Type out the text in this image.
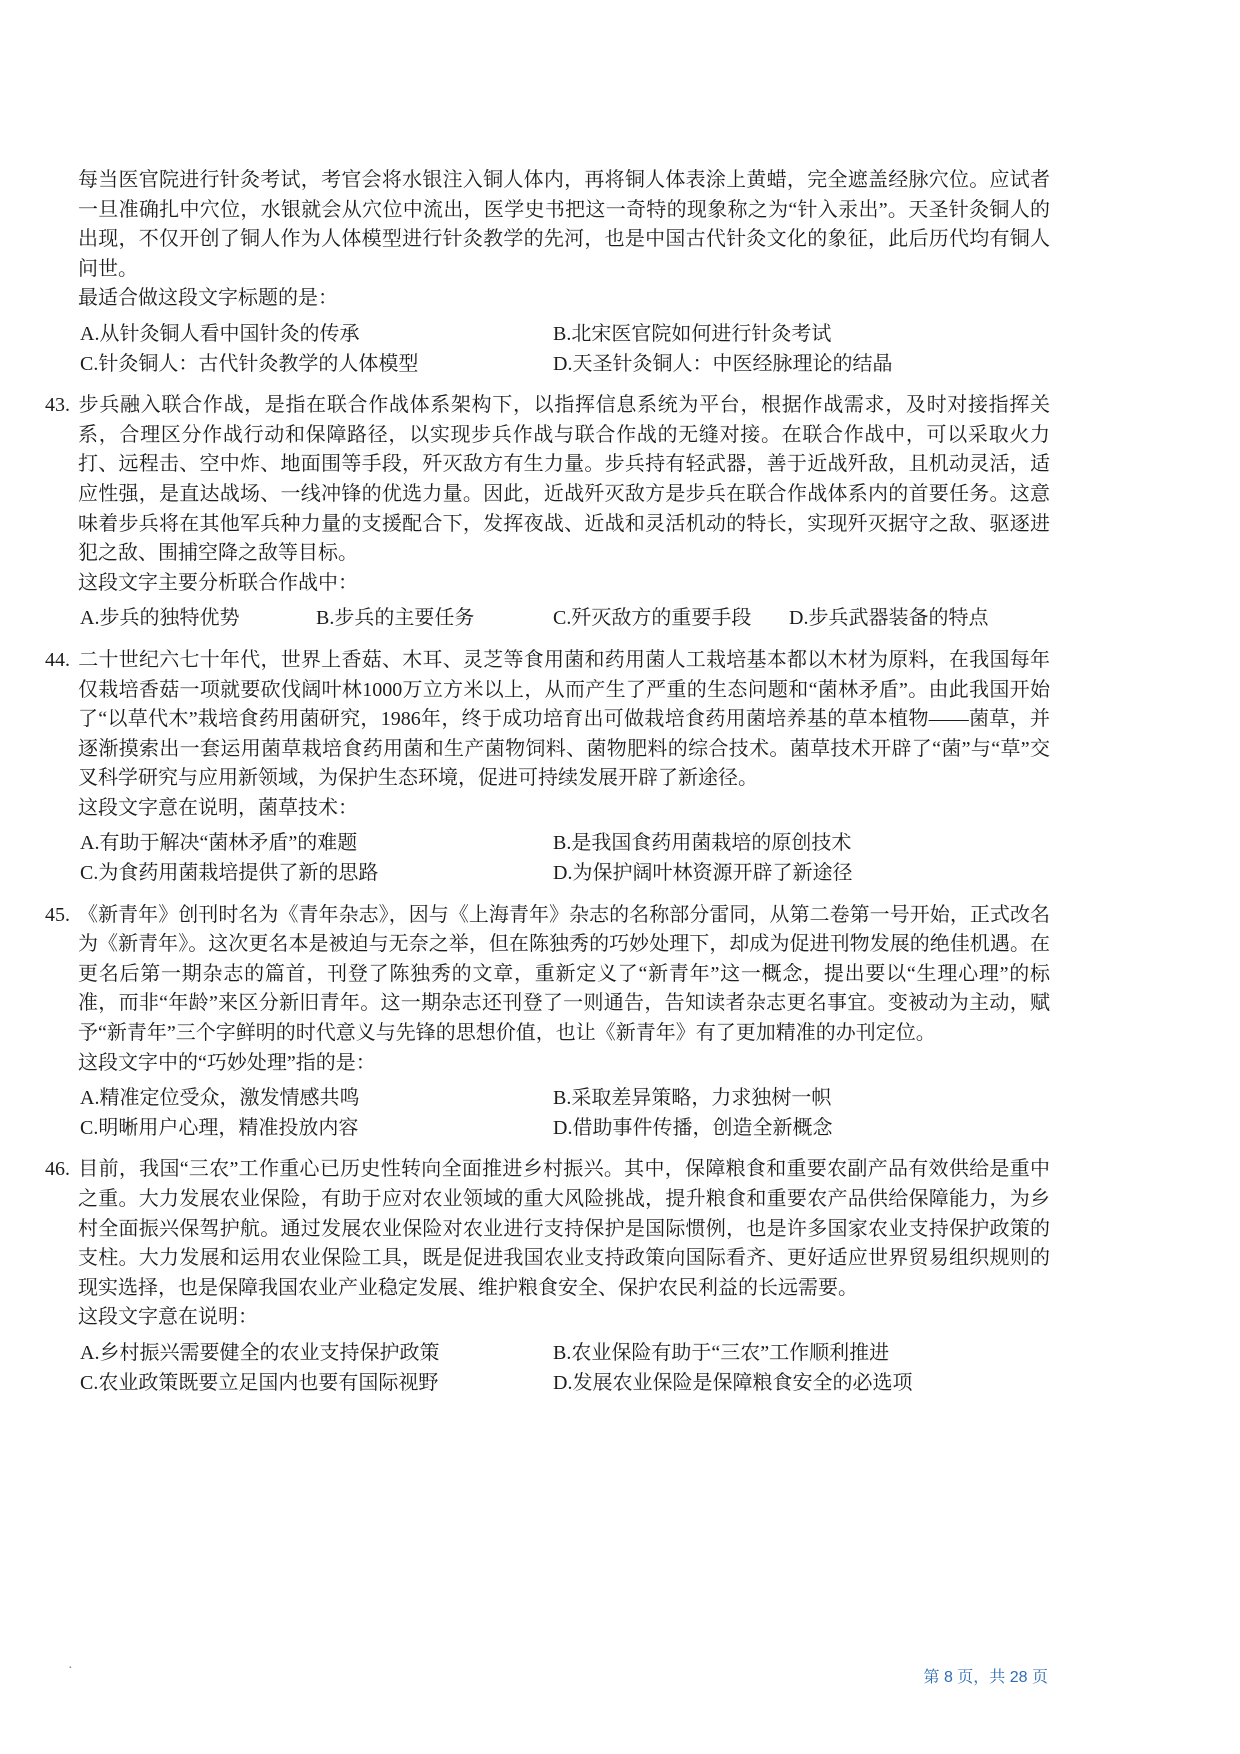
每当医官院进行针灸考试，考官会将水银注入铜人体内，再将铜人体表涂上黄蜡，完全遮盖经脉穴位。应试者一旦准确扎中穴位，水银就会从穴位中流出，医学史书把这一奇特的现象称之为“针入汞出”。天圣针灸铜人的出现，不仅开创了铜人作为人体模型进行针灸教学的先河，也是中国古代针灸文化的象征，此后历代均有铜人问世。

最适合做这段文字标题的是：

A.从针灸铜人看中国针灸的传承	B.北宋医官院如何进行针灸考试
C.针灸铜人：古代针灸教学的人体模型	D.天圣针灸铜人：中医经脉理论的结晶

43. 步兵融入联合作战，是指在联合作战体系架构下，以指挥信息系统为平台，根据作战需求，及时对接指挥关系，合理区分作战行动和保障路径，以实现步兵作战与联合作战的无缝对接。在联合作战中，可以采取火力打、远程击、空中炸、地面围等手段，歼灭敌方有生力量。步兵持有轻武器，善于近战歼敌，且机动灵活，适应性强，是直达战场、一线冲锋的优选力量。因此，近战歼灭敌方是步兵在联合作战体系内的首要任务。这意味着步兵将在其他军兵种力量的支援配合下，发挥夜战、近战和灵活机动的特长，实现歼灭据守之敌、驱逐进犯之敌、围捕空降之敌等目标。

这段文字主要分析联合作战中：

A.步兵的独特优势	B.步兵的主要任务	C.歼灭敌方的重要手段	D.步兵武器装备的特点

44. 二十世纪六七十年代，世界上香菇、木耳、灵芝等食用菌和药用菌人工栽培基本都以木材为原料，在我国每年仅栽培香菇一项就要砍伐阔叶林1000万立方米以上，从而产生了严重的生态问题和“菌林矛盾”。由此我国开始了“以草代木”栽培食药用菌研究，1986年，终于成功培育出可做栽培食药用菌培养基的草本植物——菌草，并逐渐摸索出一套运用菌草栽培食药用菌和生产菌物饲料、菌物肥料的综合技术。菌草技术开辟了“菌”与“草”交叉科学研究与应用新领域，为保护生态环境，促进可持续发展开辟了新途径。

这段文字意在说明，菌草技术：

A.有助于解决“菌林矛盾”的难题	B.是我国食药用菌栽培的原创技术
C.为食药用菌栽培提供了新的思路	D.为保护阔叶林资源开辟了新途径

45. 《新青年》创刊时名为《青年杂志》，因与《上海青年》杂志的名称部分雷同，从第二卷第一号开始，正式改名为《新青年》。这次更名本是被迫与无奈之举，但在陈独秀的巧妙处理下，却成为促进刊物发展的绝佳机遇。在更名后第一期杂志的篇首，刊登了陈独秀的文章，重新定义了“新青年”这一概念，提出要以“生理心理”的标准，而非“年龄”来区分新旧青年。这一期杂志还刊登了一则通告，告知读者杂志更名事宜。变被动为主动，赋予“新青年”三个字鲜明的时代意义与先锋的思想价值，也让《新青年》有了更加精准的办刊定位。

这段文字中的“巧妙处理”指的是：

A.精准定位受众，激发情感共鸣	B.采取差异策略，力求独树一帜
C.明晰用户心理，精准投放内容	D.借助事件传播，创造全新概念

46. 目前，我国“三农”工作重心已历史性转向全面推进乡村振兴。其中，保障粮食和重要农副产品有效供给是重中之重。大力发展农业保险，有助于应对农业领域的重大风险挑战，提升粮食和重要农产品供给保障能力，为乡村全面振兴保驾护航。通过发展农业保险对农业进行支持保护是国际惯例，也是许多国家农业支持保护政策的支柱。大力发展和运用农业保险工具，既是促进我国农业支持政策向国际看齐、更好适应世界贸易组织规则的现实选择，也是保障我国农业产业稳定发展、维护粮食安全、保护农民利益的长远需要。

这段文字意在说明：

A.乡村振兴需要健全的农业支持保护政策	B.农业保险有助于“三农”工作顺利推进
C.农业政策既要立足国内也要有国际视野	D.发展农业保险是保障粮食安全的必选项
·
第 8 页，共 28 页
